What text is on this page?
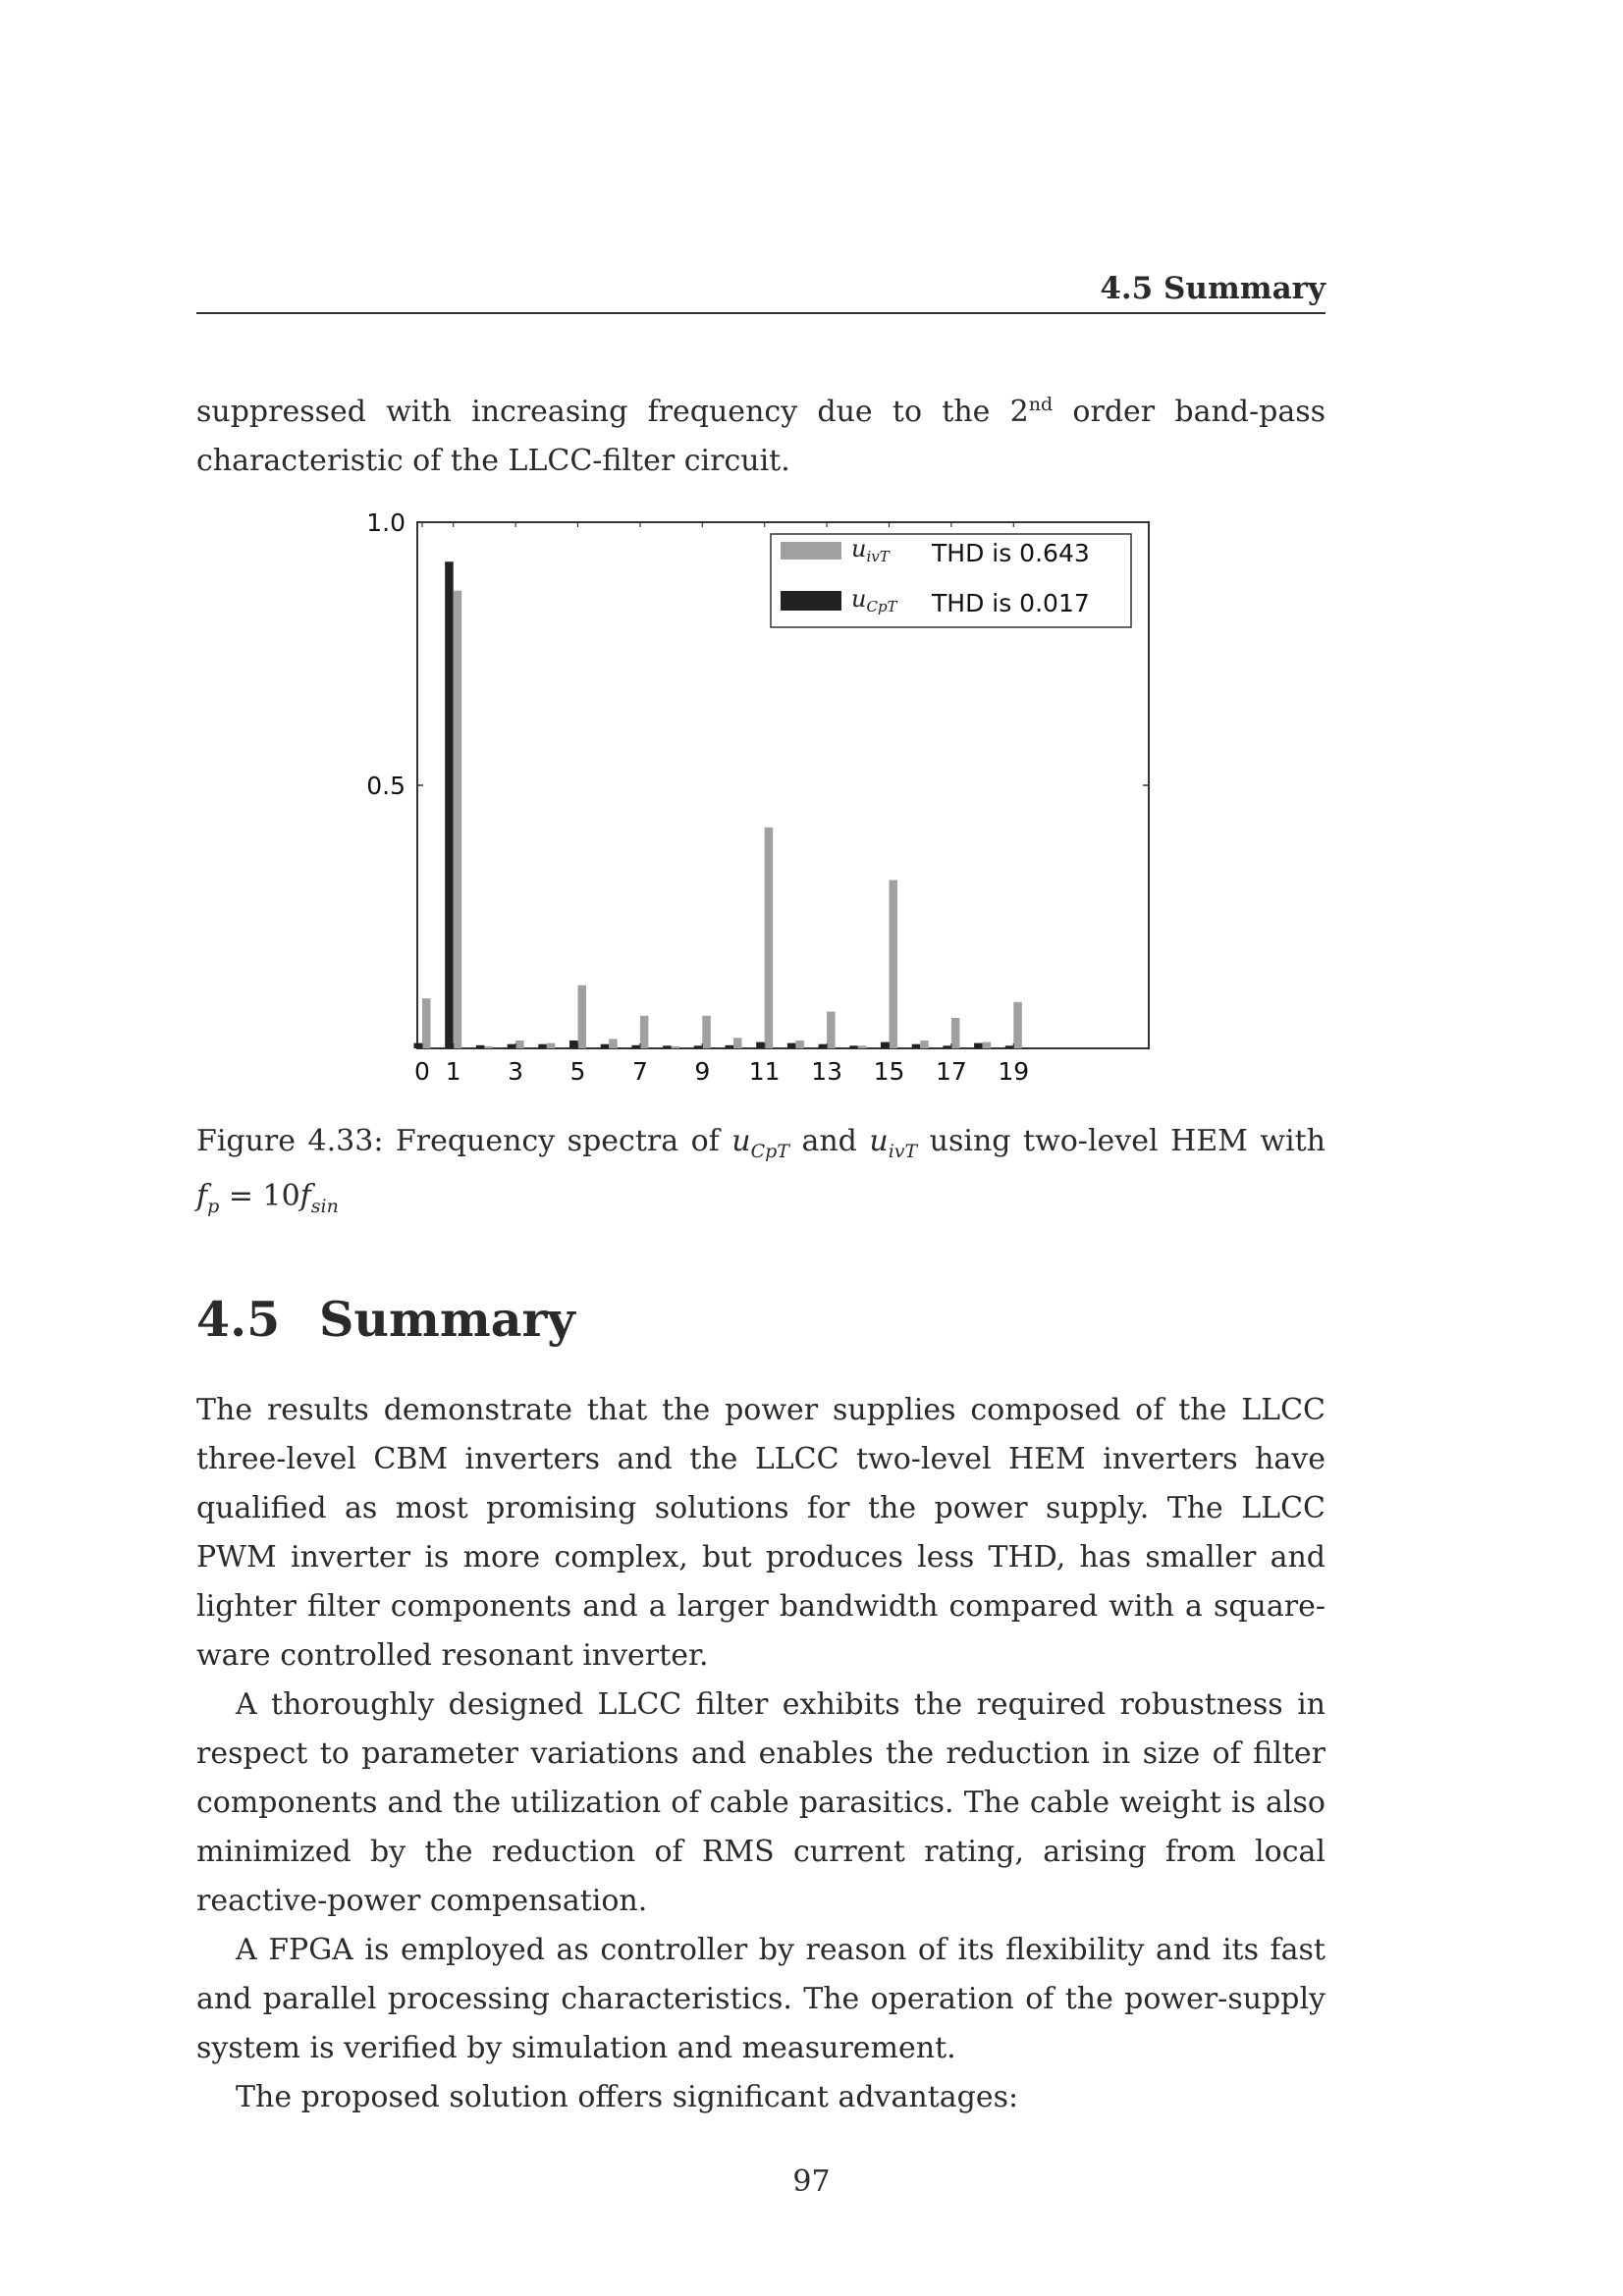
4.5 Summary

suppressed with increasing frequency due to the 2nd order band-pass characteristic of the LLCC-filter circuit.

0.5
1.0
0 1 3 5 7 9 11 13 15 17 19
$u_{ivT}$ THD is 0.643
$u_{CpT}$ THD is 0.017
Figure 4.33: Frequency spectra of $u_{CpT}$ and $u_{ivT}$ using two-level HEM with $f_p = 10f_{sin}$
4.5 Summary

The results demonstrate that the power supplies composed of the LLCC three-level CBM inverters and the LLCC two-level HEM inverters have qualified as most promising solutions for the power supply. The LLCC PWM inverter is more complex, but produces less THD, has smaller and lighter filter components and a larger bandwidth compared with a square-ware controlled resonant inverter.

A thoroughly designed LLCC filter exhibits the required robustness in respect to parameter variations and enables the reduction in size of filter components and the utilization of cable parasitics. The cable weight is also minimized by the reduction of RMS current rating, arising from local reactive-power compensation.

A FPGA is employed as controller by reason of its flexibility and its fast and parallel processing characteristics. The operation of the power-supply system is verified by simulation and measurement.

The proposed solution offers significant advantages:

97
